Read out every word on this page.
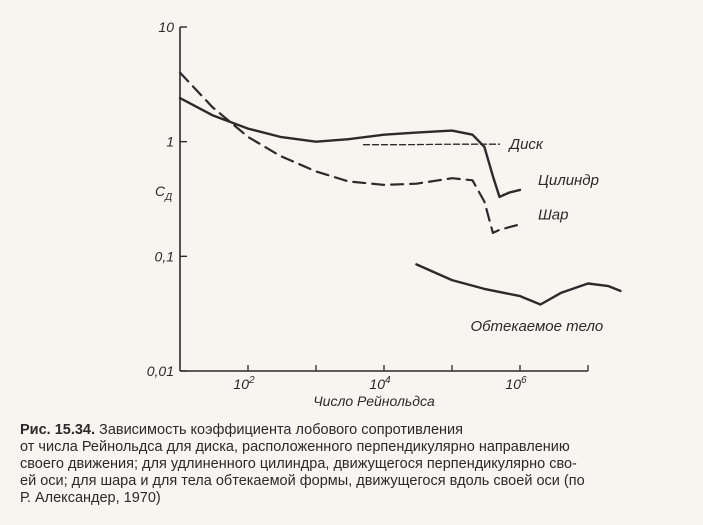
10
1
0,1
0,01
$10^2$	$10^4$	$10^6$
Число Рейнольдса
$C_Д$
Диск
Цилиндр
Шар
Обтекаемое тело
Рис. 15.34. Зависимость коэффициента лобового сопротивления
от числа Рейнольдса для диска, расположенного перпендикулярно направлению
своего движения; для удлиненного цилиндра, движущегося перпендикулярно сво-
ей оси; для шара и для тела обтекаемой формы, движущегося вдоль своей оси (по
Р. Александер, 1970)
